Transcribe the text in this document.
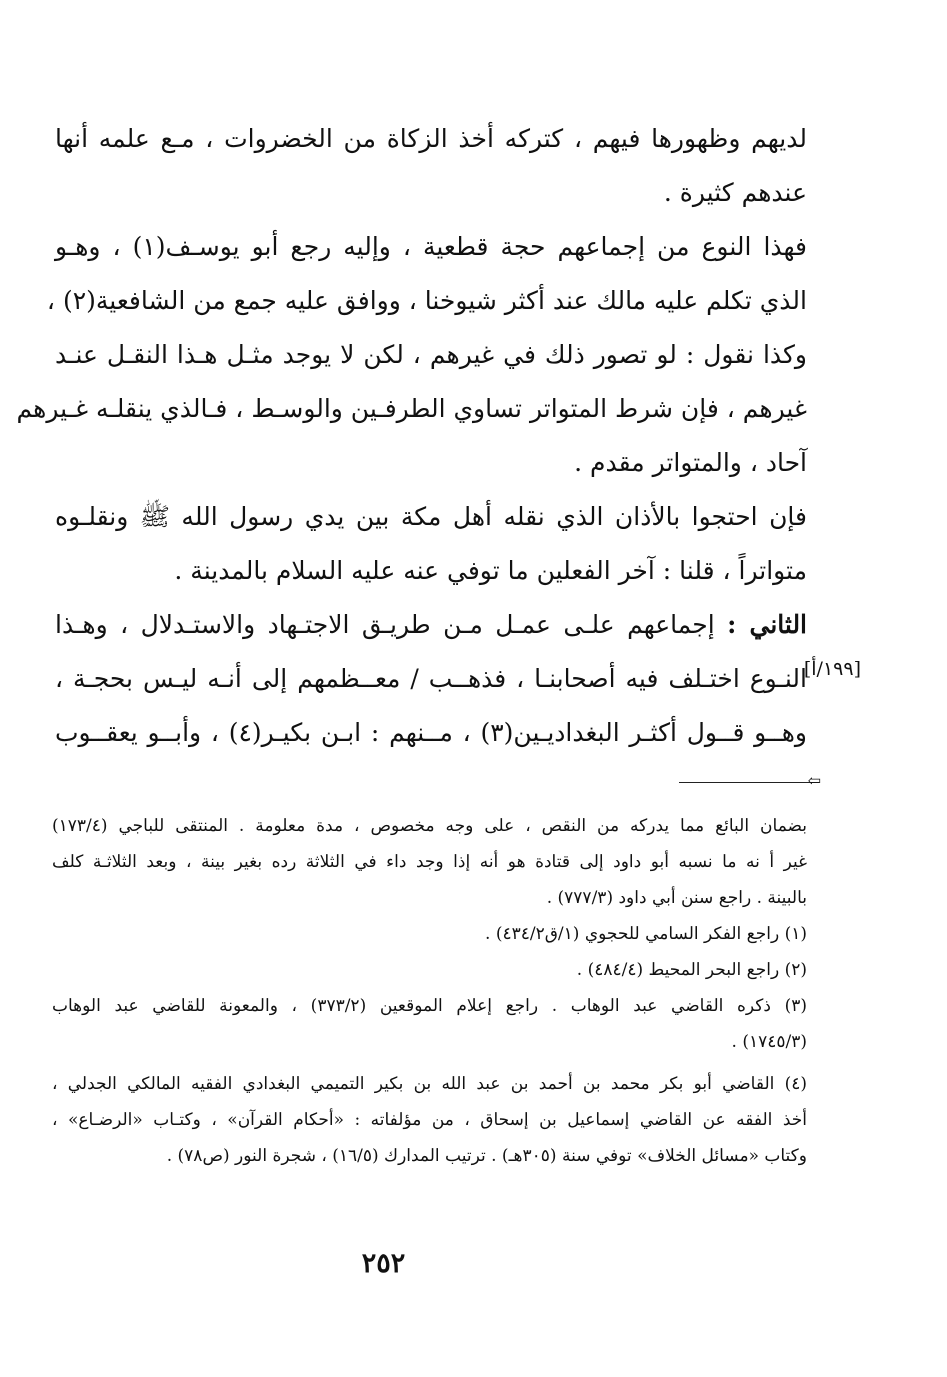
لديهم وظهورها فيهم ، كتركه أخذ الزكاة من الخضروات ، مـع علمه أنها
عندهم كثيرة .
فهذا النوع من إجماعهم حجة قطعية ، وإليه رجع أبو يوسـف(١) ، وهـو
الذي تكلم عليه مالك عند أكثر شيوخنا ، ووافق عليه جمع من الشافعية(٢) ،
وكذا نقول : لو تصور ذلك في غيرهم ، لكن لا يوجد مثـل هـذا النقـل عنـد
غيرهم ، فإن شرط المتواتر تساوي الطرفـين والوسـط ، فـالذي ينقلـه غـيرهم
آحاد ، والمتواتر مقدم .
فإن احتجوا بالأذان الذي نقله أهل مكة بين يدي رسول الله ﷺ ونقلـوه
متواتراً ، قلنا : آخر الفعلين ما توفي عنه عليه السلام بالمدينة .
الثاني : إجماعهم علـى عمـل مـن طريـق الاجتـهاد والاستـدلال ، وهـذا
النـوع اختـلف فيه أصحابنـا ، فذهــب / معــظمهم إلى أنـه ليـس بحجـة ،
وهــو قــول أكثـر البغداديـين(٣) ، مــنهم : ابـن بكيـر(٤) ، وأبــو يعقــوب
[١٩٩/أ]
⇦
بضمان البائع مما يدركه من النقص ، على وجه مخصوص ، مدة معلومة . المنتقى للباجي (١٧٣/٤)
غير أ نه ما نسبه أبو داود إلى قتادة هو أنه إذا وجد داء في الثلاثة رده بغير بينة ، وبعد الثلاثـة كلف
بالبينة . راجع سنن أبي داود (٧٧٧/٣) .
(١) راجع الفكر السامي للحجوي (١/ق٤٣٤/٢) .
(٢) راجع البحر المحيط (٤٨٤/٤) .
(٣) ذكره القاضي عبد الوهاب . راجع إعلام الموقعين (٣٧٣/٢) ، والمعونة للقاضي عبد الوهاب
(١٧٤٥/٣) .
(٤) القاضي أبو بكر محمد بن أحمد بن عبد الله بن بكير التميمي البغدادي الفقيه المالكي الجدلي ،
أخذ الفقه عن القاضي إسماعيل بن إسحاق ، من مؤلفاته : «أحكام القرآن» ، وكتـاب «الرضـاع» ،
وكتاب «مسائل الخلاف» توفي سنة (٣٠٥هـ) . ترتيب المدارك (١٦/٥) ، شجرة النور (ص٧٨) .
٢٥٢
